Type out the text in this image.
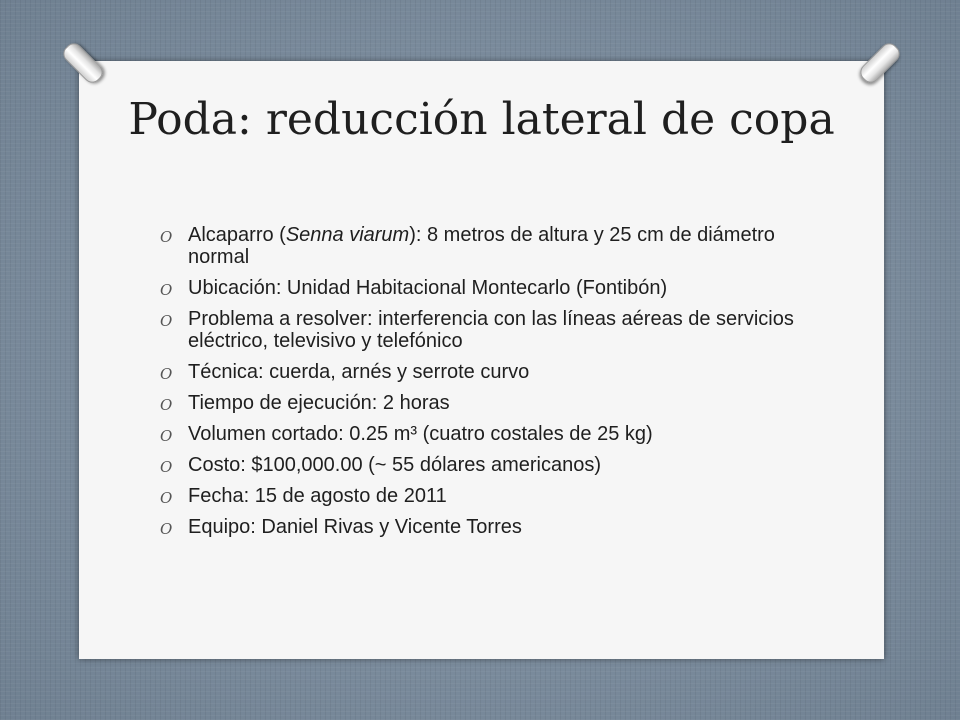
Poda: reducción lateral de copa
O Alcaparro (Senna viarum): 8 metros de altura y 25 cm de diámetro normal
O Ubicación: Unidad Habitacional Montecarlo (Fontibón)
O Problema a resolver: interferencia con las líneas aéreas de servicios eléctrico, televisivo y telefónico
O Técnica: cuerda, arnés y serrote curvo
O Tiempo de ejecución: 2 horas
O Volumen cortado: 0.25 m³ (cuatro costales de 25 kg)
O Costo: $100,000.00 (~ 55 dólares americanos)
O Fecha: 15 de agosto de 2011
O Equipo: Daniel Rivas y Vicente Torres
